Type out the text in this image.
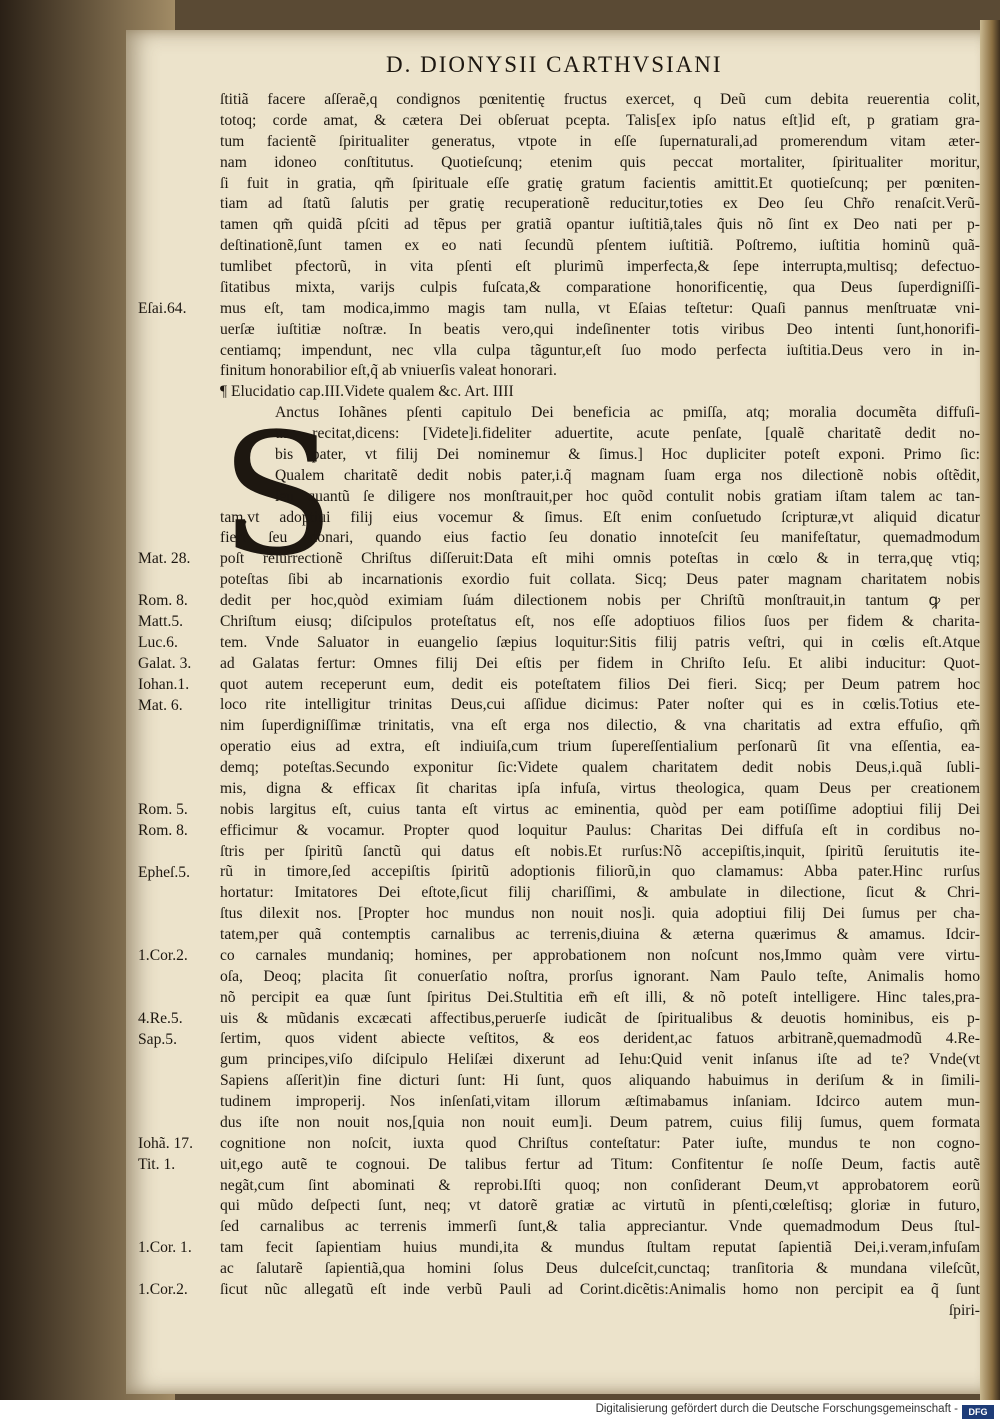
D. DIONYSII CARTHVSIANI
S
ſtitiã facere aſſeraẽ,q condignos pœnitentię fructus exercet, q Deũ cum debita reuerentia colit,
totoq; corde amat, & cætera Dei obſeruat pcepta. Talis[ex ipſo natus eſt]id eſt, p gratiam gra-
tum facientẽ ſpiritualiter generatus, vtpote in eſſe ſupernaturali,ad promerendum vitam æter-
nam idoneo conſtitutus. Quotieſcunq; etenim quis peccat mortaliter, ſpiritualiter moritur,
ſi fuit in gratia, qm̃ ſpirituale eſſe gratię gratum facientis amittit.Et quotieſcunq; per pœniten-
tiam ad ſtatũ ſalutis per gratię recuperationẽ reducitur,toties ex Deo ſeu Chr̃o renaſcit.Verũ-
tamen qm̃ quidã pſciti ad tẽpus per gratiã opantur iuſtitiã,tales q̃uis nõ ſint ex Deo nati per p-
deſtinationẽ,ſunt tamen ex eo nati ſecundũ pſentem iuſtitiã. Poſtremo, iuſtitia hominũ quã-
tumlibet pfectorũ, in vita pſenti eſt plurimũ imperfecta,& ſepe interrupta,multisq; defectuo-
ſitatibus mixta, varijs culpis fuſcata,& comparatione honorificentię, qua Deus ſuperdigniſſi-
mus eſt, tam modica,immo magis tam nulla, vt Eſaias teſtetur: Quaſi pannus menſtruatæ vni-
uerſæ iuſtitiæ noſtræ. In beatis vero,qui indeſinenter totis viribus Deo intenti ſunt,honorifi-
centiamq; impendunt, nec vlla culpa tãguntur,eſt ſuo modo perfecta iuſtitia.Deus vero in in-
finitum honorabilior eſt,q̃ ab vniuerſis valeat honorari.
¶ Elucidatio cap.III.Videte qualem &c. Art. IIII
Anctus Iohãnes pſenti capitulo Dei beneficia ac pmiſſa, atq; moralia documẽta diffuſi-
us recitat,dicens: [Videte]i.fideliter aduertite, acute penſate, [qualẽ charitatẽ dedit no-
bis pater, vt filij Dei nominemur & ſimus.] Hoc dupliciter poteſt exponi. Primo ſic:
Qualem charitatẽ dedit nobis pater,i.q̃ magnam ſuam erga nos dilectionẽ nobis oſtẽdit,
ſeu quantũ ſe diligere nos monſtrauit,per hoc quõd contulit nobis gratiam iſtam talem ac tan-
tam,vt adoptiui filij eius vocemur & ſimus. Eſt enim conſuetudo ſcripturæ,vt aliquid dicatur
fieri ſeu donari, quando eius factio ſeu donatio innoteſcit ſeu manifeſtatur, quemadmodum
poſt reſurrectionẽ Chriſtus diſſeruit:Data eſt mihi omnis poteſtas in cœlo & in terra,quę vtiq;
poteſtas ſibi ab incarnationis exordio fuit collata. Sicq; Deus pater magnam charitatem nobis
dedit per hoc,quòd eximiam ſuám dilectionem nobis per Chriſtũ monſtrauit,in tantum ꝙ per
Chriſtum eiusq; diſcipulos proteſtatus eſt, nos eſſe adoptiuos filios ſuos per fidem & charita-
tem. Vnde Saluator in euangelio ſæpius loquitur:Sitis filij patris veſtri, qui in cœlis eſt.Atque
ad Galatas fertur: Omnes filij Dei eſtis per fidem in Chriſto Ieſu. Et alibi inducitur: Quot-
quot autem receperunt eum, dedit eis poteſtatem filios Dei fieri. Sicq; per Deum patrem hoc
loco rite intelligitur trinitas Deus,cui aſſidue dicimus: Pater noſter qui es in cœlis.Totius ete-
nim ſuperdigniſſimæ trinitatis, vna eſt erga nos dilectio, & vna charitatis ad extra effuſio, qm̃
operatio eius ad extra, eſt indiuiſa,cum trium ſupereſſentialium perſonarũ ſit vna eſſentia, ea-
demq; poteſtas.Secundo exponitur ſic:Videte qualem charitatem dedit nobis Deus,i.quã ſubli-
mis, digna & efficax ſit charitas ipſa infuſa, virtus theologica, quam Deus per creationem
nobis largitus eſt, cuius tanta eſt virtus ac eminentia, quòd per eam potiſſime adoptiui filij Dei
efficimur & vocamur. Propter quod loquitur Paulus: Charitas Dei diffuſa eſt in cordibus no-
ſtris per ſpiritũ ſanctũ qui datus eſt nobis.Et rurſus:Nõ accepiſtis,inquit, ſpiritũ ſeruitutis ite-
rũ in timore,ſed accepiſtis ſpiritũ adoptionis filiorũ,in quo clamamus: Abba pater.Hinc rurſus
hortatur: Imitatores Dei eſtote,ſicut filij chariſſimi, & ambulate in dilectione, ſicut & Chri-
ſtus dilexit nos. [Propter hoc mundus non nouit nos]i. quia adoptiui filij Dei ſumus per cha-
tatem,per quã contemptis carnalibus ac terrenis,diuina & æterna quærimus & amamus. Idcir-
co carnales mundaniq; homines, per approbationem non noſcunt nos,Immo quàm vere virtu-
oſa, Deoq; placita ſit conuerſatio noſtra, prorſus ignorant. Nam Paulo teſte, Animalis homo
nõ percipit ea quæ ſunt ſpiritus Dei.Stultitia em̃ eſt illi, & nõ poteſt intelligere. Hinc tales,pra-
uis & mũdanis excæcati affectibus,peruerſe iudicãt de ſpiritualibus & deuotis hominibus, eis p-
ſertim, quos vident abiecte veſtitos, & eos derident,ac fatuos arbitranẽ,quemadmodũ 4.Re-
gum principes,viſo diſcipulo Heliſæi dixerunt ad Iehu:Quid venit inſanus iſte ad te? Vnde(vt
Sapiens aſſerit)in fine dicturi ſunt: Hi ſunt, quos aliquando habuimus in deriſum & in ſimili-
tudinem improperij. Nos inſenſati,vitam illorum æſtimabamus inſaniam. Idcirco autem mun-
dus iſte non nouit nos,[quia non nouit eum]i. Deum patrem, cuius filij ſumus, quem formata
cognitione non noſcit, iuxta quod Chriſtus conteſtatur: Pater iuſte, mundus te non cogno-
uit,ego autẽ te cognoui. De talibus fertur ad Titum: Confitentur ſe noſſe Deum, factis autẽ
negãt,cum ſint abominati & reprobi.Iſti quoq; non conſiderant Deum,vt approbatorem eorũ
qui mũdo deſpecti ſunt, neq; vt datorẽ gratiæ ac virtutũ in pſenti,cœleſtisq; gloriæ in futuro,
ſed carnalibus ac terrenis immerſi ſunt,& talia appreciantur. Vnde quemadmodum Deus ſtul-
tam fecit ſapientiam huius mundi,ita & mundus ſtultam reputat ſapientiã Dei,i.veram,infuſam
ac ſalutarẽ ſapientiã,qua homini ſolus Deus dulceſcit,cunctaq; tranſitoria & mundana vileſcũt,
ſicut nũc allegatũ eſt inde verbũ Pauli ad Corint.dicẽtis:Animalis homo non percipit ea q̃ ſunt
ſpiri-
Eſai.64.
Mat. 28.
Rom. 8.
Matt.5.
Luc.6.
Galat. 3.
Iohan.1.
Mat. 6.
Rom. 5.
Rom. 8.
Epheſ.5.
1.Cor.2.
4.Re.5.
Sap.5.
Iohã. 17.
Tit. 1.
1.Cor. 1.
1.Cor.2.
Digitalisierung gefördert durch die Deutsche Forschungsgemeinschaft -	DFG
